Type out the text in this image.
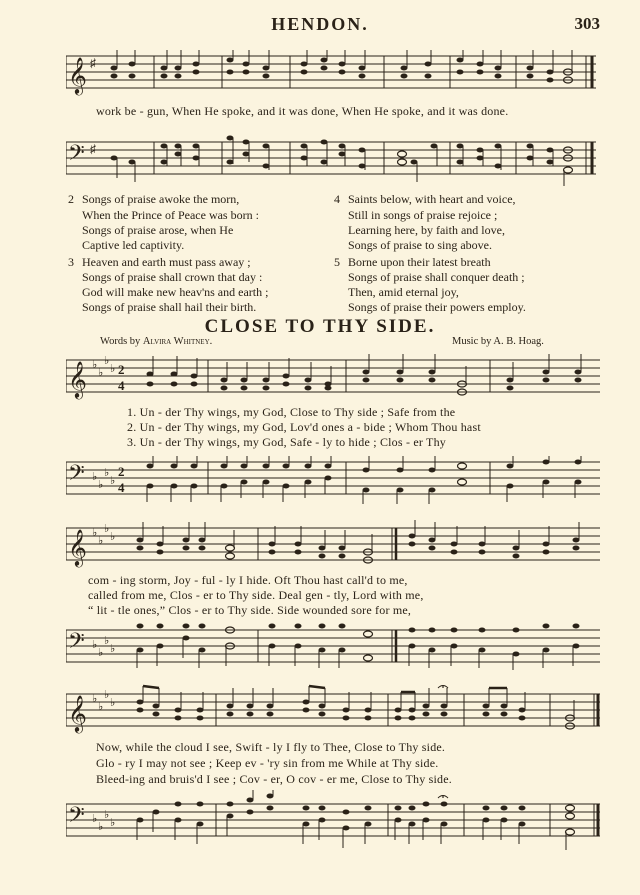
HENDON.	303
𝄞 ♯
work be - gun, When He spoke, and it was done, When He spoke, and it was done.
𝄢 ♯
2 Songs of praise awoke the morn,
When the Prince of Peace was born :
Songs of praise arose, when He
Captive led captivity.
3 Heaven and earth must pass away ;
Songs of praise shall crown that day :
God will make new heav'ns and earth ;
Songs of praise shall hail their birth.
4 Saints below, with heart and voice,
Still in songs of praise rejoice ;
Learning here, by faith and love,
Songs of praise to sing above.
5 Borne upon their latest breath
Songs of praise shall conquer death ;
Then, amid eternal joy,
Songs of praise their powers employ.
CLOSE TO THY SIDE.
Words by Alvira Whitney.	Music by A. B. Hoag.
𝄞 ♭
♭
♭
♭ 2
4
1. Un - der Thy wings, my God, Close to Thy side ; Safe from the
2. Un - der Thy wings, my God, Lov'd ones a - bide ; Whom Thou hast
3. Un - der Thy wings, my God, Safe - ly to hide ; Clos - er Thy
𝄢 ♭
♭
♭
♭
2
4
𝄞 ♭
♭
♭
♭
com - ing storm, Joy - ful - ly I hide. Oft Thou hast call'd to me,
called from me, Clos - er to Thy side. Deal gen - tly, Lord with me,
“ lit - tle ones,” Clos - er to Thy side. Side wounded sore for me,
𝄢 ♭
♭
♭
♭
𝄞 ♭
♭
♭
♭
Now, while the cloud I see, Swift - ly I fly to Thee, Close to Thy side.
Glo - ry I may not see ; Keep ev - 'ry sin from me While at Thy side.
Bleed-ing and bruis'd I see ; Cov - er, O cov - er me, Close to Thy side.
𝄢 ♭
♭
♭
♭
